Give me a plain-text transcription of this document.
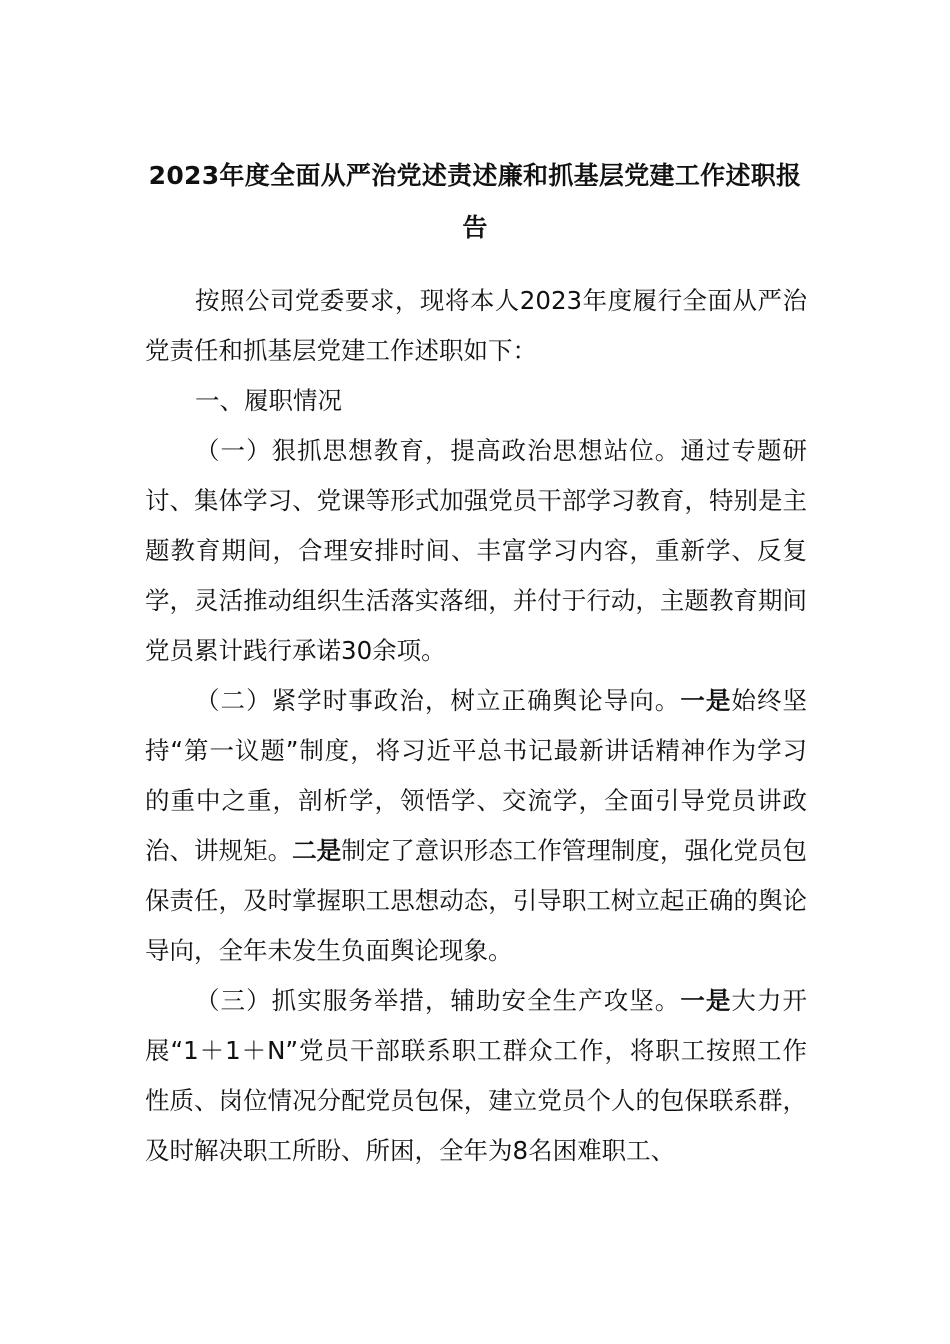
2023年度全面从严治党述责述廉和抓基层党建工作述职报告

按照公司党委要求，现将本人2023年度履行全面从严治党责任和抓基层党建工作述职如下：

一、履职情况

（一）狠抓思想教育，提高政治思想站位。通过专题研讨、集体学习、党课等形式加强党员干部学习教育，特别是主题教育期间，合理安排时间、丰富学习内容，重新学、反复学，灵活推动组织生活落实落细，并付于行动，主题教育期间党员累计践行承诺30余项。

（二）紧学时事政治，树立正确舆论导向。一是始终坚持“第一议题”制度，将习近平总书记最新讲话精神作为学习的重中之重，剖析学，领悟学、交流学，全面引导党员讲政治、讲规矩。二是制定了意识形态工作管理制度，强化党员包保责任，及时掌握职工思想动态，引导职工树立起正确的舆论导向，全年未发生负面舆论现象。

（三）抓实服务举措，辅助安全生产攻坚。一是大力开展“1＋1＋N”党员干部联系职工群众工作，将职工按照工作性质、岗位情况分配党员包保，建立党员个人的包保联系群，及时解决职工所盼、所困，全年为8名困难职工、
